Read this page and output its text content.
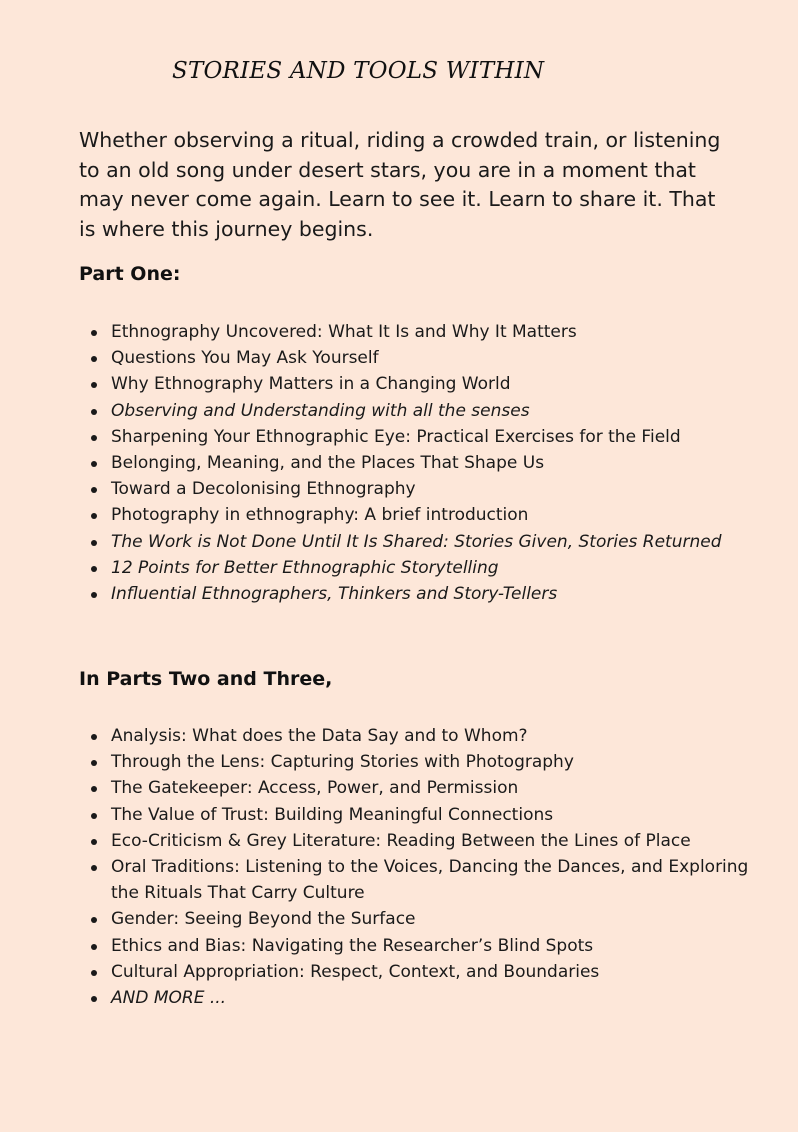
STORIES AND TOOLS WITHIN

Whether observing a ritual, riding a crowded train, or listening to an old song under desert stars, you are in a moment that may never come again. Learn to see it. Learn to share it. That is where this journey begins.

Part One:
Ethnography Uncovered: What It Is and Why It Matters
Questions You May Ask Yourself
Why Ethnography Matters in a Changing World
Observing and Understanding with all the senses
Sharpening Your Ethnographic Eye: Practical Exercises for the Field
Belonging, Meaning, and the Places That Shape Us
Toward a Decolonising Ethnography
Photography in ethnography: A brief introduction
The Work is Not Done Until It Is Shared: Stories Given, Stories Returned
12 Points for Better Ethnographic Storytelling
Influential Ethnographers, Thinkers and Story-Tellers
In Parts Two and Three,
Analysis: What does the Data Say and to Whom?
Through the Lens: Capturing Stories with Photography
The Gatekeeper: Access, Power, and Permission
The Value of Trust: Building Meaningful Connections
Eco-Criticism & Grey Literature: Reading Between the Lines of Place
Oral Traditions: Listening to the Voices, Dancing the Dances, and Exploring the Rituals That Carry Culture
Gender: Seeing Beyond the Surface
Ethics and Bias: Navigating the Researcher’s Blind Spots
Cultural Appropriation: Respect, Context, and Boundaries
AND MORE ...
